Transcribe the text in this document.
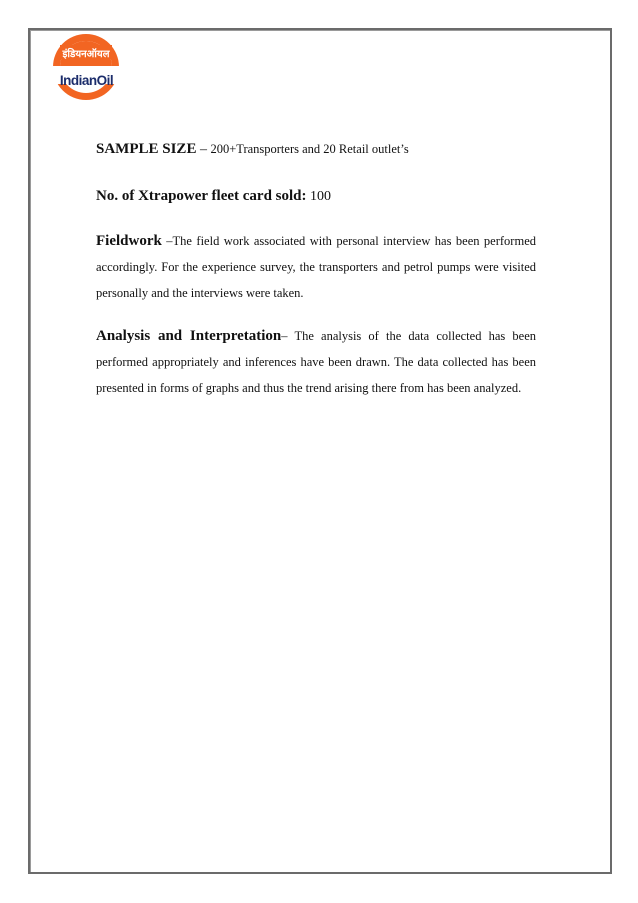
इंडियनऑयल
IndianOil
SAMPLE SIZE – 200+Transporters and 20 Retail outlet’s
No. of Xtrapower fleet card sold: 100

Fieldwork –The field work associated with personal interview has been performed accordingly. For the experience survey, the transporters and petrol pumps were visited personally and the interviews were taken.

Analysis and Interpretation– The analysis of the data collected has been performed appropriately and inferences have been drawn. The data collected has been presented in forms of graphs and thus the trend arising there from has been analyzed.
